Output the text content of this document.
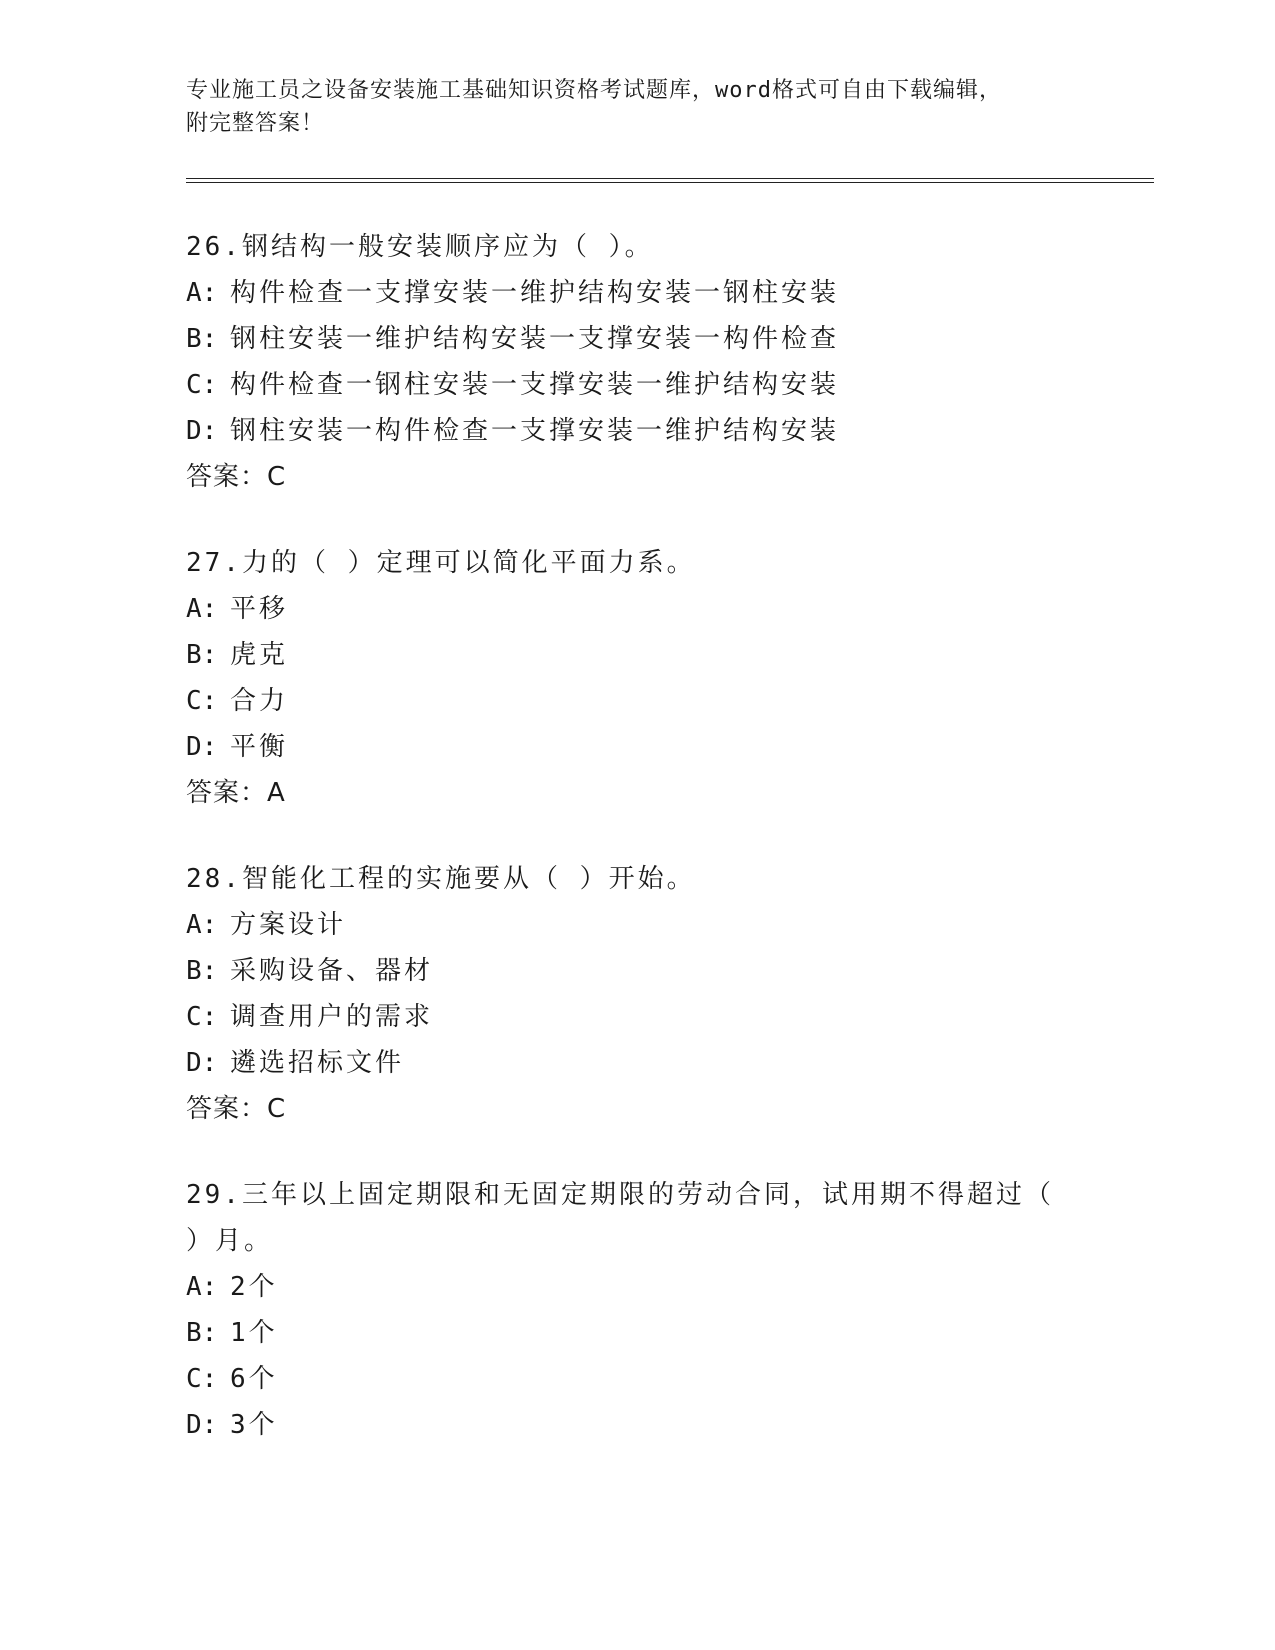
专业施工员之设备安装施工基础知识资格考试题库，word格式可自由下载编辑，
附完整答案！
26.钢结构一般安装顺序应为（ ）。
A: 构件检查一支撑安装一维护结构安装一钢柱安装
B: 钢柱安装一维护结构安装一支撑安装一构件检查
C: 构件检查一钢柱安装一支撑安装一维护结构安装
D: 钢柱安装一构件检查一支撑安装一维护结构安装
答案：C
27.力的（ ）定理可以简化平面力系。
A: 平移
B: 虎克
C: 合力
D: 平衡
答案：A
28.智能化工程的实施要从（ ）开始。
A: 方案设计
B: 采购设备、器材
C: 调查用户的需求
D: 遴选招标文件
答案：C
29.三年以上固定期限和无固定期限的劳动合同，试用期不得超过（ ）月。
A: 2个
B: 1个
C: 6个
D: 3个
